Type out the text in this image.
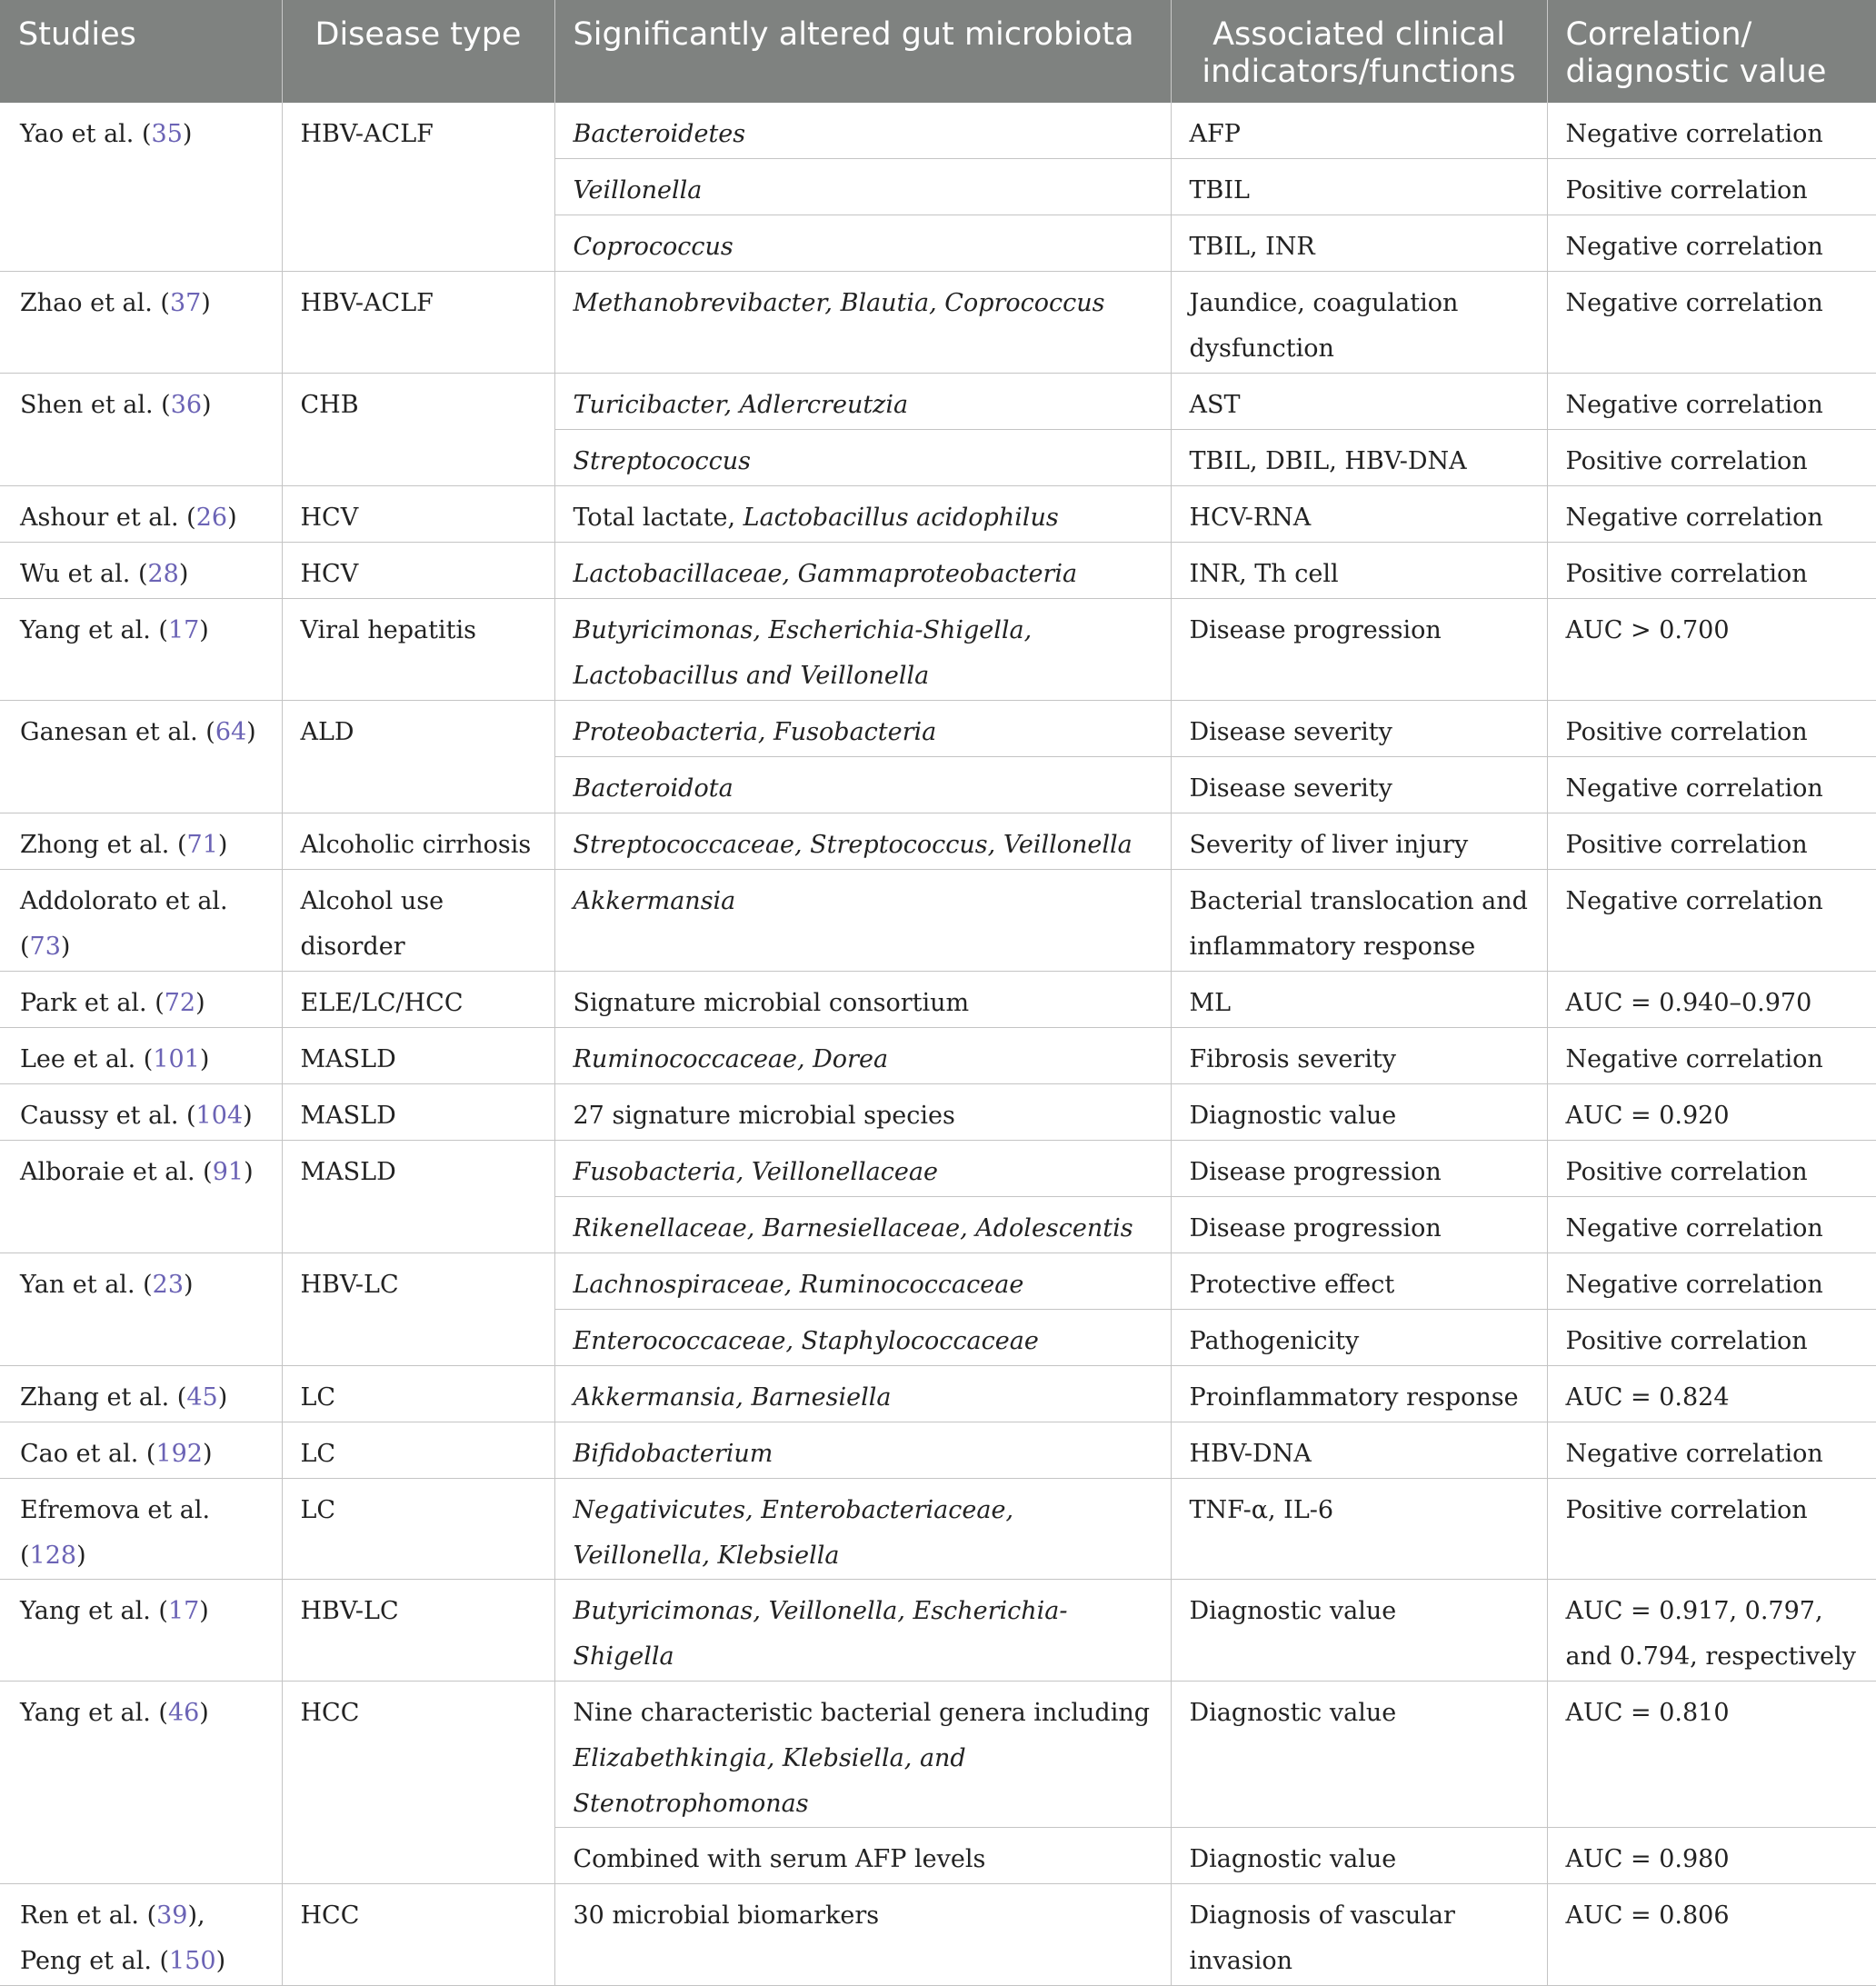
Studies	Disease type	Significantly altered gut microbiota	Associated clinical indicators/functions	Correlation/ diagnostic value
Yao et al. (35)	HBV-ACLF	Bacteroidetes	AFP	Negative correlation
		Veillonella	TBIL	Positive correlation
		Coprococcus	TBIL, INR	Negative correlation
Zhao et al. (37)	HBV-ACLF	Methanobrevibacter, Blautia, Coprococcus	Jaundice, coagulation dysfunction	Negative correlation
Shen et al. (36)	CHB	Turicibacter, Adlercreutzia	AST	Negative correlation
		Streptococcus	TBIL, DBIL, HBV-DNA	Positive correlation
Ashour et al. (26)	HCV	Total lactate, Lactobacillus acidophilus	HCV-RNA	Negative correlation
Wu et al. (28)	HCV	Lactobacillaceae, Gammaproteobacteria	INR, Th cell	Positive correlation
Yang et al. (17)	Viral hepatitis	Butyricimonas, Escherichia-Shigella, Lactobacillus and Veillonella	Disease progression	AUC > 0.700
Ganesan et al. (64)	ALD	Proteobacteria, Fusobacteria	Disease severity	Positive correlation
		Bacteroidota	Disease severity	Negative correlation
Zhong et al. (71)	Alcoholic cirrhosis	Streptococcaceae, Streptococcus, Veillonella	Severity of liver injury	Positive correlation
Addolorato et al. (73)	Alcohol use disorder	Akkermansia	Bacterial translocation and inflammatory response	Negative correlation
Park et al. (72)	ELE/LC/HCC	Signature microbial consortium	ML	AUC = 0.940–0.970
Lee et al. (101)	MASLD	Ruminococcaceae, Dorea	Fibrosis severity	Negative correlation
Caussy et al. (104)	MASLD	27 signature microbial species	Diagnostic value	AUC = 0.920
Alboraie et al. (91)	MASLD	Fusobacteria, Veillonellaceae	Disease progression	Positive correlation
		Rikenellaceae, Barnesiellaceae, Adolescentis	Disease progression	Negative correlation
Yan et al. (23)	HBV-LC	Lachnospiraceae, Ruminococcaceae	Protective effect	Negative correlation
		Enterococcaceae, Staphylococcaceae	Pathogenicity	Positive correlation
Zhang et al. (45)	LC	Akkermansia, Barnesiella	Proinflammatory response	AUC = 0.824
Cao et al. (192)	LC	Bifidobacterium	HBV-DNA	Negative correlation
Efremova et al. (128)	LC	Negativicutes, Enterobacteriaceae, Veillonella, Klebsiella	TNF-α, IL-6	Positive correlation
Yang et al. (17)	HBV-LC	Butyricimonas, Veillonella, Escherichia-Shigella	Diagnostic value	AUC = 0.917, 0.797, and 0.794, respectively
Yang et al. (46)	HCC	Nine characteristic bacterial genera including Elizabethkingia, Klebsiella, and Stenotrophomonas	Diagnostic value	AUC = 0.810
		Combined with serum AFP levels	Diagnostic value	AUC = 0.980
Ren et al. (39), Peng et al. (150)	HCC	30 microbial biomarkers	Diagnosis of vascular invasion	AUC = 0.806
